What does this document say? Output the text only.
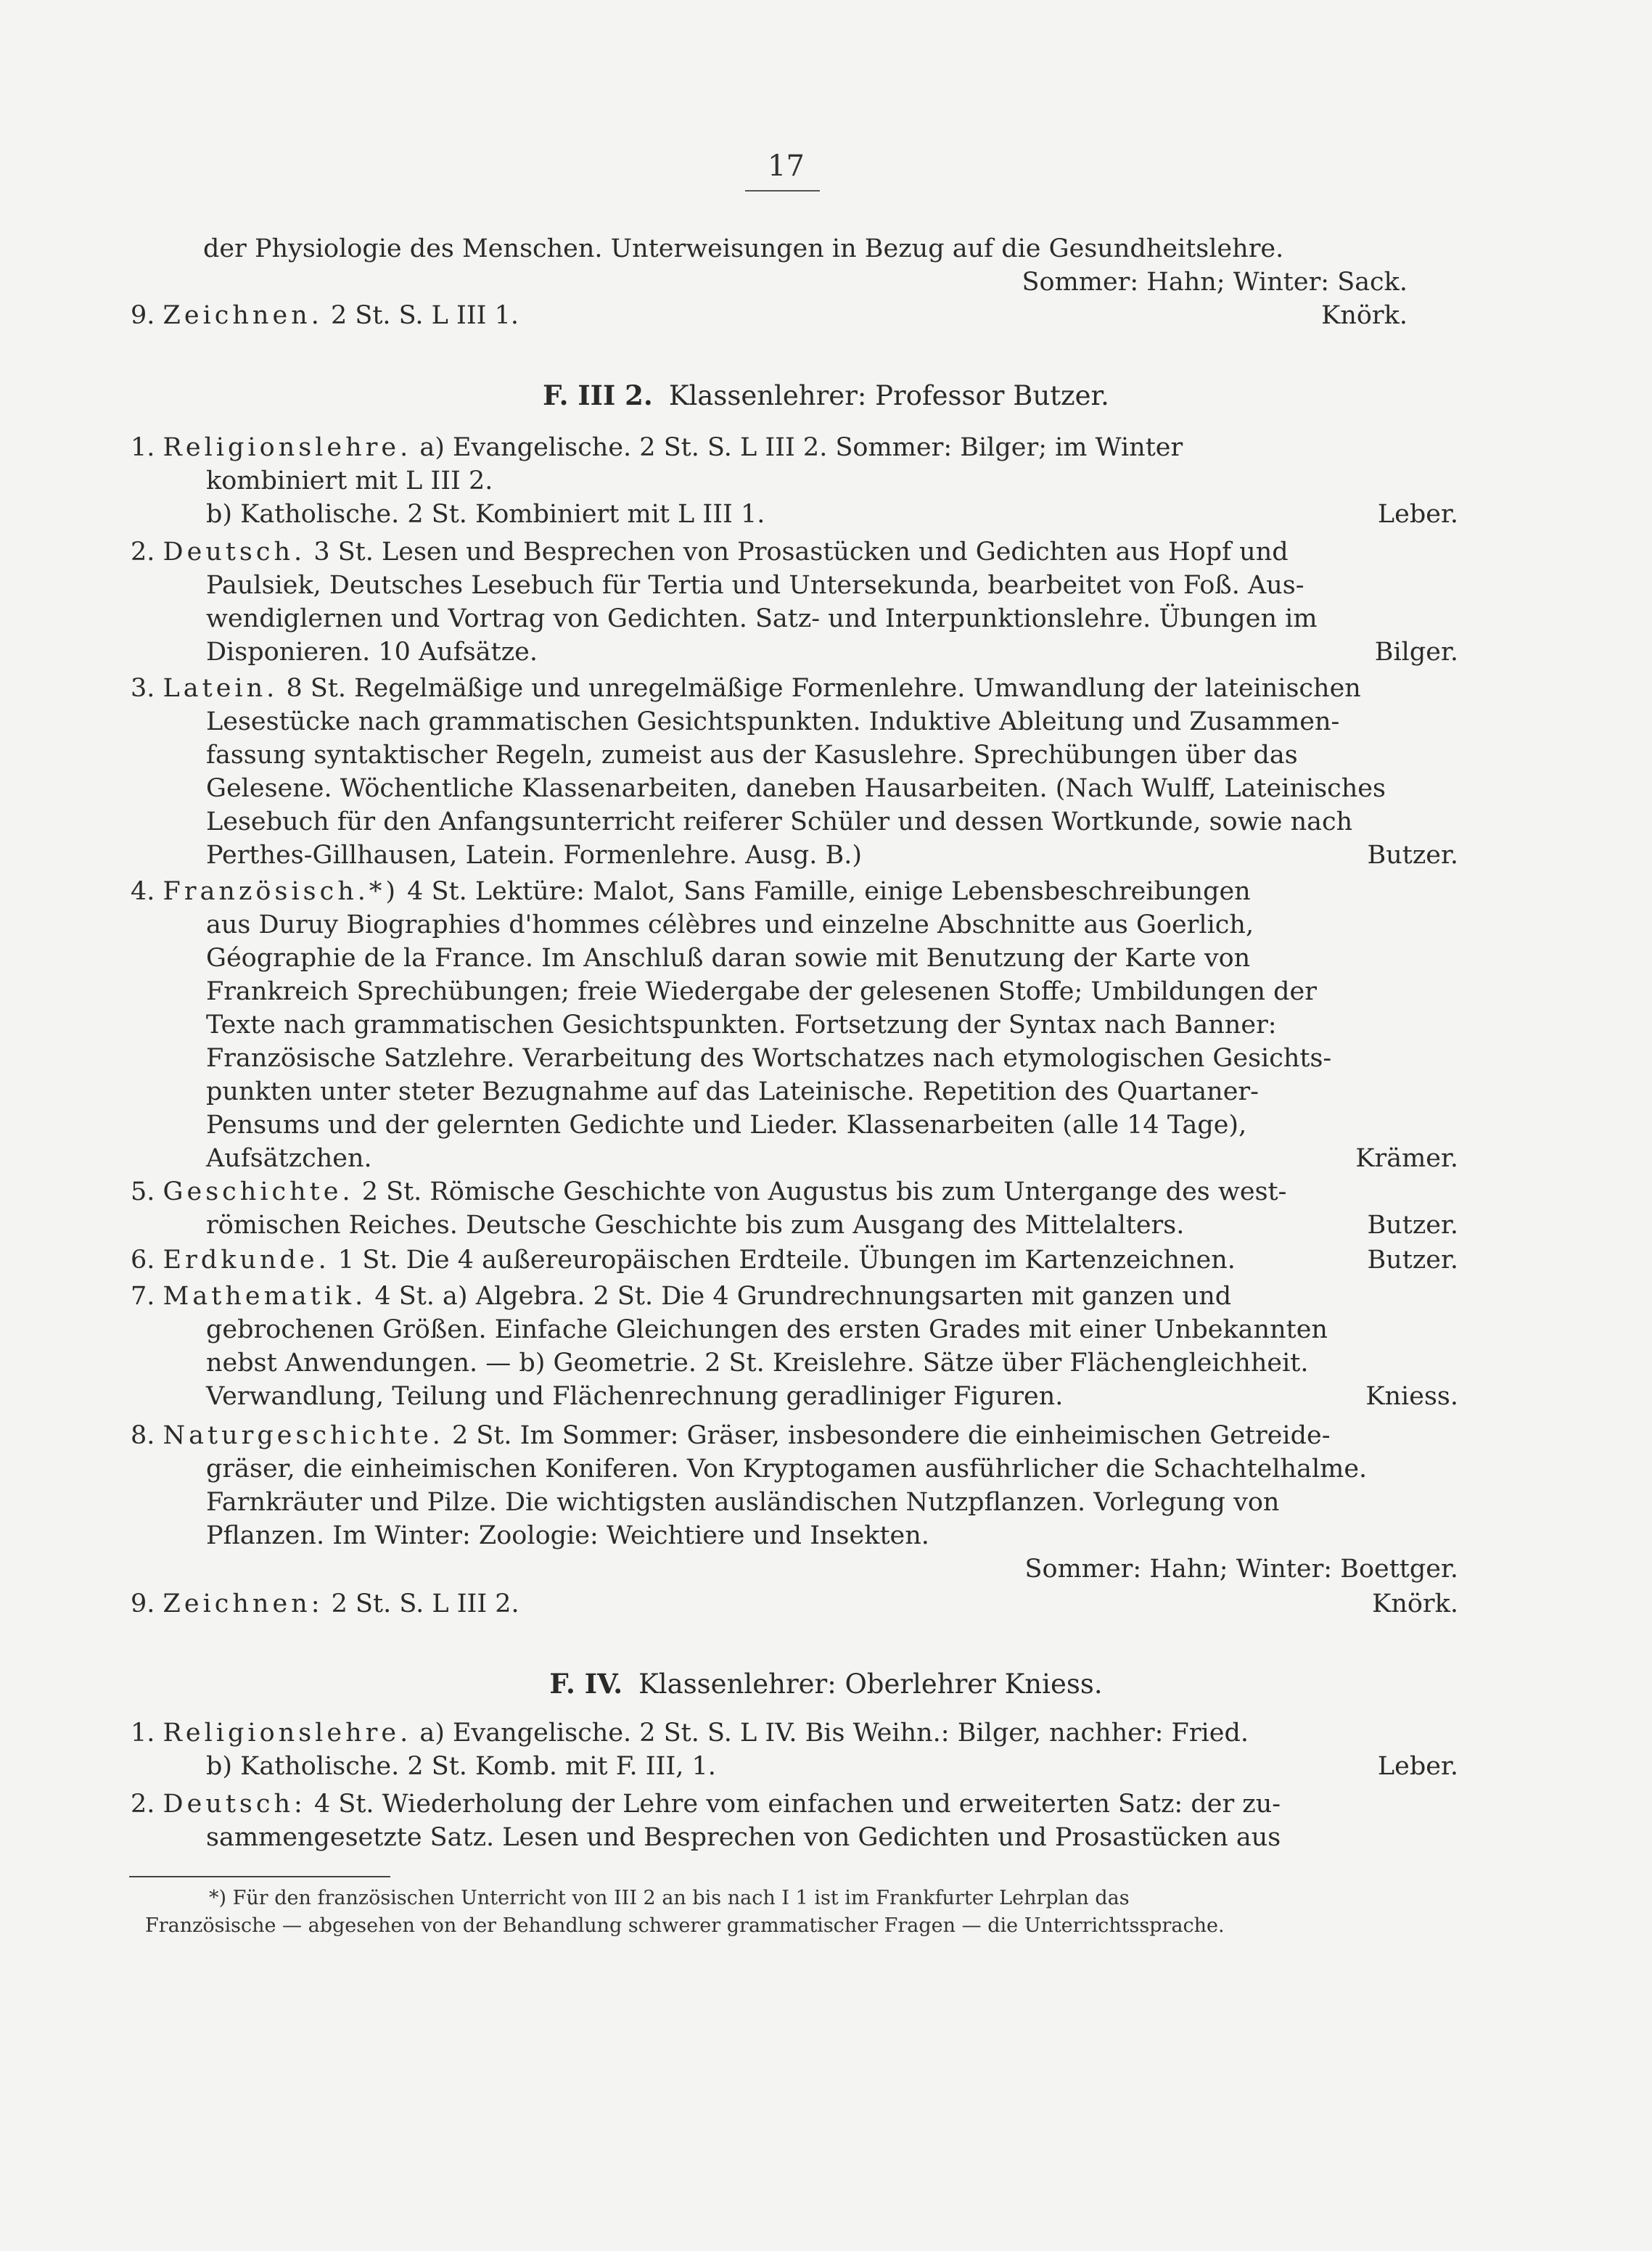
17
der Physiologie des Menschen. Unterweisungen in Bezug auf die Gesundheitslehre.
Sommer: Hahn; Winter: Sack.
9. Zeichnen. 2 St. S. L III 1.	Knörk.
F. III 2. Klassenlehrer: Professor Butzer.
1. Religionslehre. a) Evangelische. 2 St. S. L III 2. Sommer: Bilger; im Winter
kombiniert mit L III 2.
b) Katholische. 2 St. Kombiniert mit L III 1.	Leber.
2. Deutsch. 3 St. Lesen und Besprechen von Prosastücken und Gedichten aus Hopf und
Paulsiek, Deutsches Lesebuch für Tertia und Untersekunda, bearbeitet von Foß. Aus-
wendiglernen und Vortrag von Gedichten. Satz- und Interpunktionslehre. Übungen im
Disponieren. 10 Aufsätze.	Bilger.
3. Latein. 8 St. Regelmäßige und unregelmäßige Formenlehre. Umwandlung der lateinischen
Lesestücke nach grammatischen Gesichtspunkten. Induktive Ableitung und Zusammen-
fassung syntaktischer Regeln, zumeist aus der Kasuslehre. Sprechübungen über das
Gelesene. Wöchentliche Klassenarbeiten, daneben Hausarbeiten. (Nach Wulff, Lateinisches
Lesebuch für den Anfangsunterricht reiferer Schüler und dessen Wortkunde, sowie nach
Perthes-Gillhausen, Latein. Formenlehre. Ausg. B.)	Butzer.
4. Französisch.*) 4 St. Lektüre: Malot, Sans Famille, einige Lebensbeschreibungen
aus Duruy Biographies d'hommes célèbres und einzelne Abschnitte aus Goerlich,
Géographie de la France. Im Anschluß daran sowie mit Benutzung der Karte von
Frankreich Sprechübungen; freie Wiedergabe der gelesenen Stoffe; Umbildungen der
Texte nach grammatischen Gesichtspunkten. Fortsetzung der Syntax nach Banner:
Französische Satzlehre. Verarbeitung des Wortschatzes nach etymologischen Gesichts-
punkten unter steter Bezugnahme auf das Lateinische. Repetition des Quartaner-
Pensums und der gelernten Gedichte und Lieder. Klassenarbeiten (alle 14 Tage),
Aufsätzchen.	Krämer.
5. Geschichte. 2 St. Römische Geschichte von Augustus bis zum Untergange des west-
römischen Reiches. Deutsche Geschichte bis zum Ausgang des Mittelalters.	Butzer.
6. Erdkunde. 1 St. Die 4 außereuropäischen Erdteile. Übungen im Kartenzeichnen.	Butzer.
7. Mathematik. 4 St. a) Algebra. 2 St. Die 4 Grundrechnungsarten mit ganzen und
gebrochenen Größen. Einfache Gleichungen des ersten Grades mit einer Unbekannten
nebst Anwendungen. — b) Geometrie. 2 St. Kreislehre. Sätze über Flächengleichheit.
Verwandlung, Teilung und Flächenrechnung geradliniger Figuren.	Kniess.
8. Naturgeschichte. 2 St. Im Sommer: Gräser, insbesondere die einheimischen Getreide-
gräser, die einheimischen Koniferen. Von Kryptogamen ausführlicher die Schachtelhalme.
Farnkräuter und Pilze. Die wichtigsten ausländischen Nutzpflanzen. Vorlegung von
Pflanzen. Im Winter: Zoologie: Weichtiere und Insekten.
Sommer: Hahn; Winter: Boettger.
9. Zeichnen: 2 St. S. L III 2.	Knörk.
F. IV. Klassenlehrer: Oberlehrer Kniess.
1. Religionslehre. a) Evangelische. 2 St. S. L IV. Bis Weihn.: Bilger, nachher: Fried.
b) Katholische. 2 St. Komb. mit F. III, 1.	Leber.
2. Deutsch: 4 St. Wiederholung der Lehre vom einfachen und erweiterten Satz: der zu-
sammengesetzte Satz. Lesen und Besprechen von Gedichten und Prosastücken aus
*) Für den französischen Unterricht von III 2 an bis nach I 1 ist im Frankfurter Lehrplan das
Französische — abgesehen von der Behandlung schwerer grammatischer Fragen — die Unterrichtssprache.
